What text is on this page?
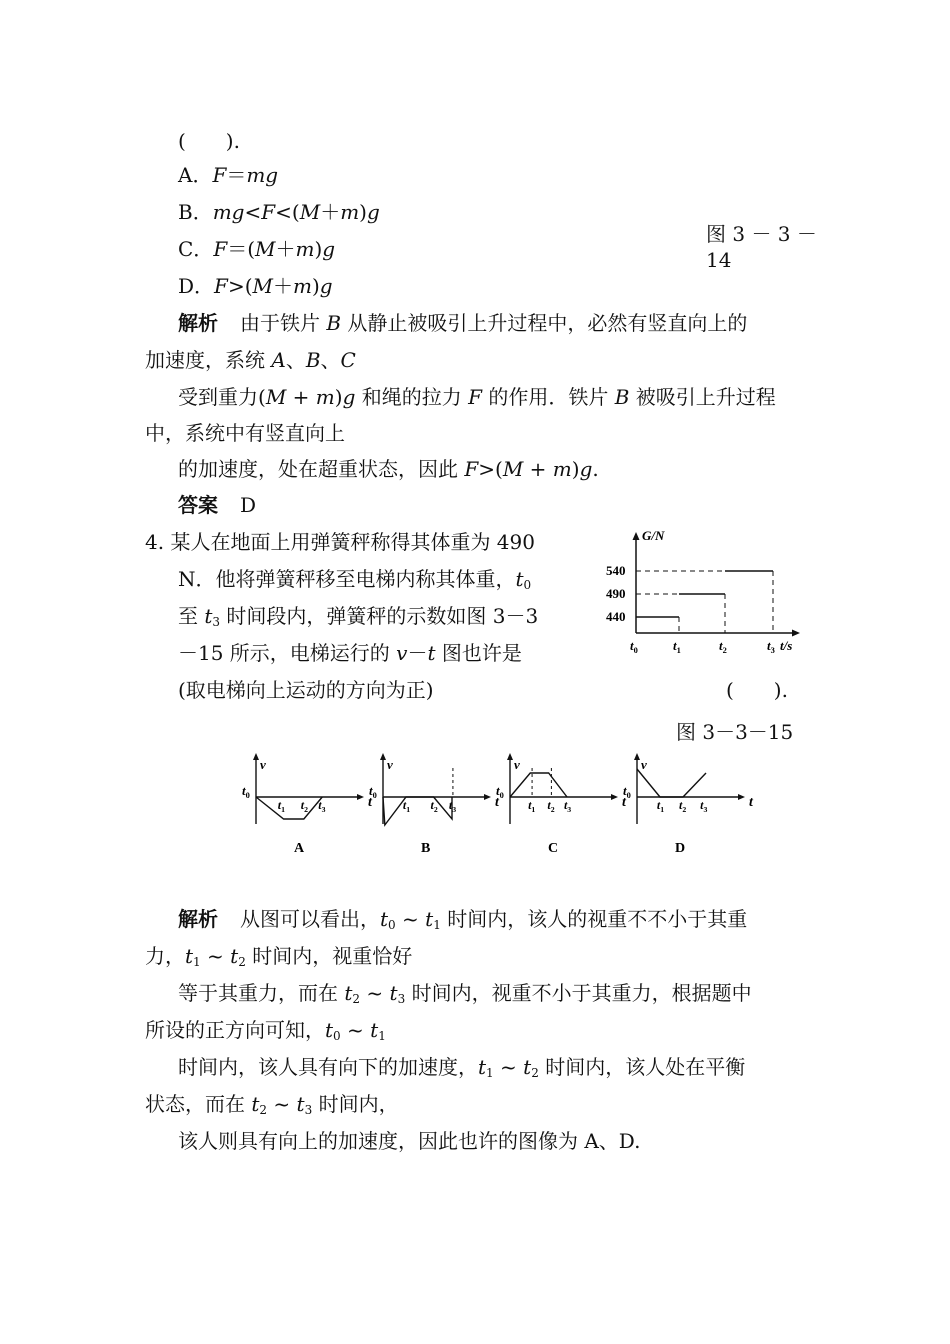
(　　).
A．F＝mg
B．mg<F<(M＋m)g
C．F＝(M＋m)g
D．F>(M＋m)g
图 3 － 3 －
14
解析 由于铁片 B 从静止被吸引上升过程中，必然有竖直向上的
加速度，系统 A、B、C
受到重力(M + m)g 和绳的拉力 F 的作用．铁片 B 被吸引上升过程
中，系统中有竖直向上
的加速度，处在超重状态，因此 F>(M + m)g.
答案 D
4. 某人在地面上用弹簧秤称得其体重为 490
N．他将弹簧秤移至电梯内称其体重，$t_0$
至 $t_3$ 时间段内，弹簧秤的示数如图 3－3
－15 所示，电梯运行的 v－t 图也许是
(取电梯向上运动的方向为正)	(　　).
G/N
t/s
440
490
540
$t_0$	$t_1$	$t_2$	$t_3$
图 3－3－15
v
t
$t_0$
$t_1$ $t_2$ $t_3$
A
v
t
$t_0$
$t_1$ $t_2$ $t_3$
B
v
t
$t_0$
$t_1$ $t_2$ $t_3$
C
v
t
$t_0$
$t_1$ $t_2$ $t_3$
D
解析 从图可以看出，$t_0$ ~ $t_1$ 时间内，该人的视重不不小于其重
力，$t_1$ ~ $t_2$ 时间内，视重恰好
等于其重力，而在 $t_2$ ~ $t_3$ 时间内，视重不小于其重力，根据题中
所设的正方向可知，$t_0$ ~ $t_1$
时间内，该人具有向下的加速度，$t_1$ ~ $t_2$ 时间内，该人处在平衡
状态，而在 $t_2$ ~ $t_3$ 时间内，
该人则具有向上的加速度，因此也许的图像为 A、D.
